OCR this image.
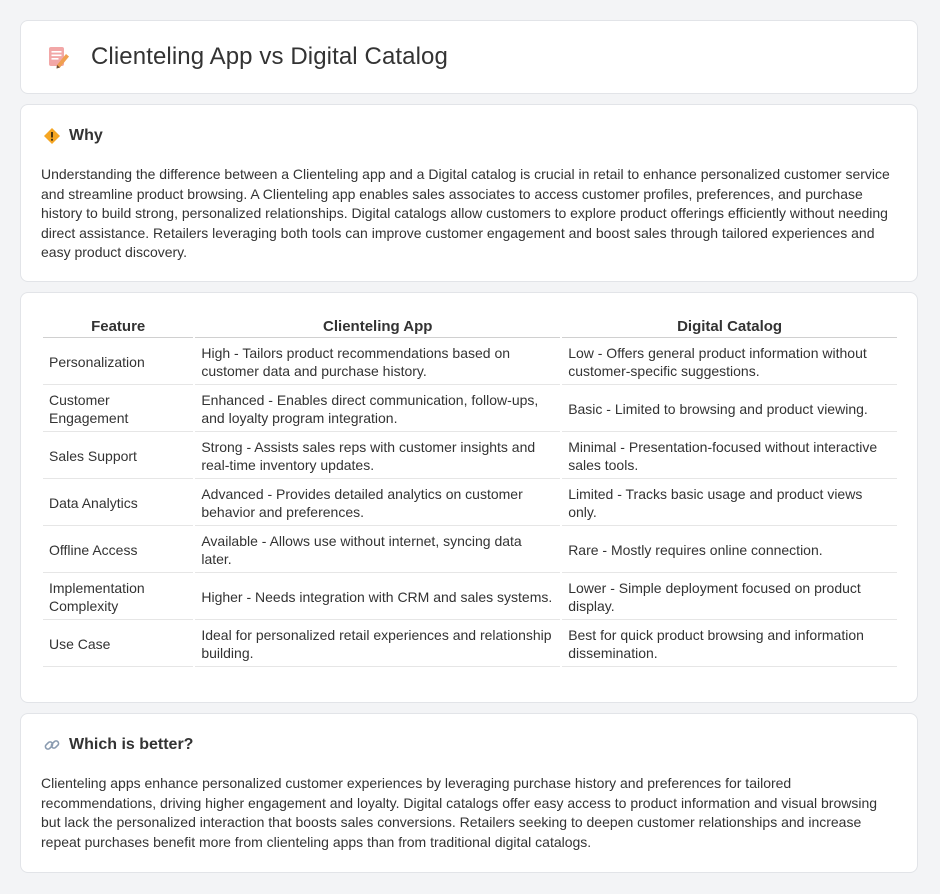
Clienteling App vs Digital Catalog
Why

Understanding the difference between a Clienteling app and a Digital catalog is crucial in retail to enhance personalized customer service and streamline product browsing. A Clienteling app enables sales associates to access customer profiles, preferences, and purchase history to build strong, personalized relationships. Digital catalogs allow customers to explore product offerings efficiently without needing direct assistance. Retailers leveraging both tools can improve customer engagement and boost sales through tailored experiences and easy product discovery.

Feature	Clienteling App	Digital Catalog
Personalization	High - Tailors product recommendations based on customer data and purchase history.	Low - Offers general product information without customer-specific suggestions.
Customer Engagement	Enhanced - Enables direct communication, follow-ups, and loyalty program integration.	Basic - Limited to browsing and product viewing.
Sales Support	Strong - Assists sales reps with customer insights and real-time inventory updates.	Minimal - Presentation-focused without interactive sales tools.
Data Analytics	Advanced - Provides detailed analytics on customer behavior and preferences.	Limited - Tracks basic usage and product views only.
Offline Access	Available - Allows use without internet, syncing data later.	Rare - Mostly requires online connection.
Implementation Complexity	Higher - Needs integration with CRM and sales systems.	Lower - Simple deployment focused on product display.
Use Case	Ideal for personalized retail experiences and relationship building.	Best for quick product browsing and information dissemination.
Which is better?

Clienteling apps enhance personalized customer experiences by leveraging purchase history and preferences for tailored recommendations, driving higher engagement and loyalty. Digital catalogs offer easy access to product information and visual browsing but lack the personalized interaction that boosts sales conversions. Retailers seeking to deepen customer relationships and increase repeat purchases benefit more from clienteling apps than from traditional digital catalogs.
